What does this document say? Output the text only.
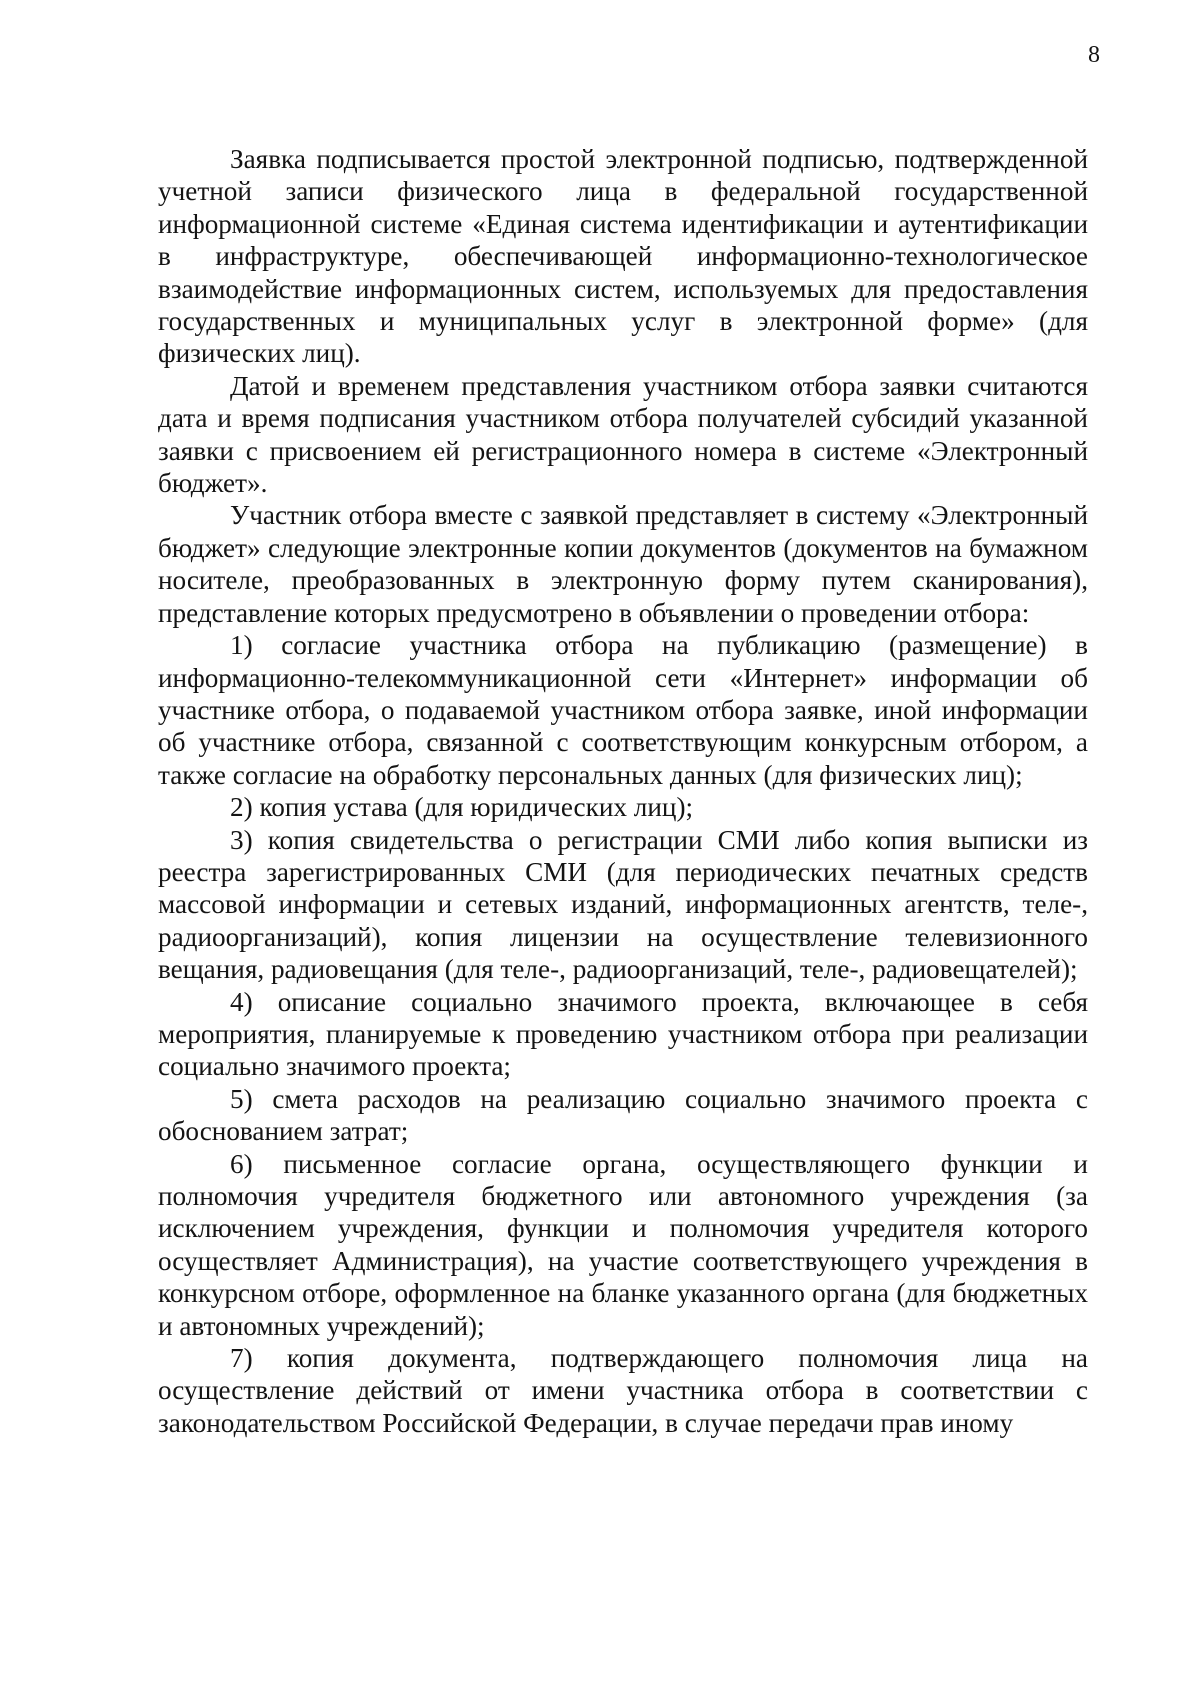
8

Заявка подписывается простой электронной подписью, подтвержденной учетной записи физического лица в федеральной государственной информационной системе «Единая система идентификации и аутентификации в инфраструктуре, обеспечивающей информационно-технологическое взаимодействие информационных систем, используемых для предоставления государственных и муниципальных услуг в электронной форме» (для физических лиц).

Датой и временем представления участником отбора заявки считаются дата и время подписания участником отбора получателей субсидий указанной заявки с присвоением ей регистрационного номера в системе «Электронный бюджет».

Участник отбора вместе с заявкой представляет в систему «Электронный бюджет» следующие электронные копии документов (документов на бумажном носителе, преобразованных в электронную форму путем сканирования), представление которых предусмотрено в объявлении о проведении отбора:

1) согласие участника отбора на публикацию (размещение) в информационно-телекоммуникационной сети «Интернет» информации об участнике отбора, о подаваемой участником отбора заявке, иной информации об участнике отбора, связанной с соответствующим конкурсным отбором, а также согласие на обработку персональных данных (для физических лиц);

2) копия устава (для юридических лиц);

3) копия свидетельства о регистрации СМИ либо копия выписки из реестра зарегистрированных СМИ (для периодических печатных средств массовой информации и сетевых изданий, информационных агентств, теле-, радиоорганизаций), копия лицензии на осуществление телевизионного вещания, радиовещания (для теле-, радиоорганизаций, теле-, радиовещателей);

4) описание социально значимого проекта, включающее в себя мероприятия, планируемые к проведению участником отбора при реализации социально значимого проекта;

5) смета расходов на реализацию социально значимого проекта с обоснованием затрат;

6) письменное согласие органа, осуществляющего функции и полномочия учредителя бюджетного или автономного учреждения (за исключением учреждения, функции и полномочия учредителя которого осуществляет Администрация), на участие соответствующего учреждения в конкурсном отборе, оформленное на бланке указанного органа (для бюджетных и автономных учреждений);

7) копия документа, подтверждающего полномочия лица на осуществление действий от имени участника отбора в соответствии с законодательством Российской Федерации, в случае передачи прав иному
